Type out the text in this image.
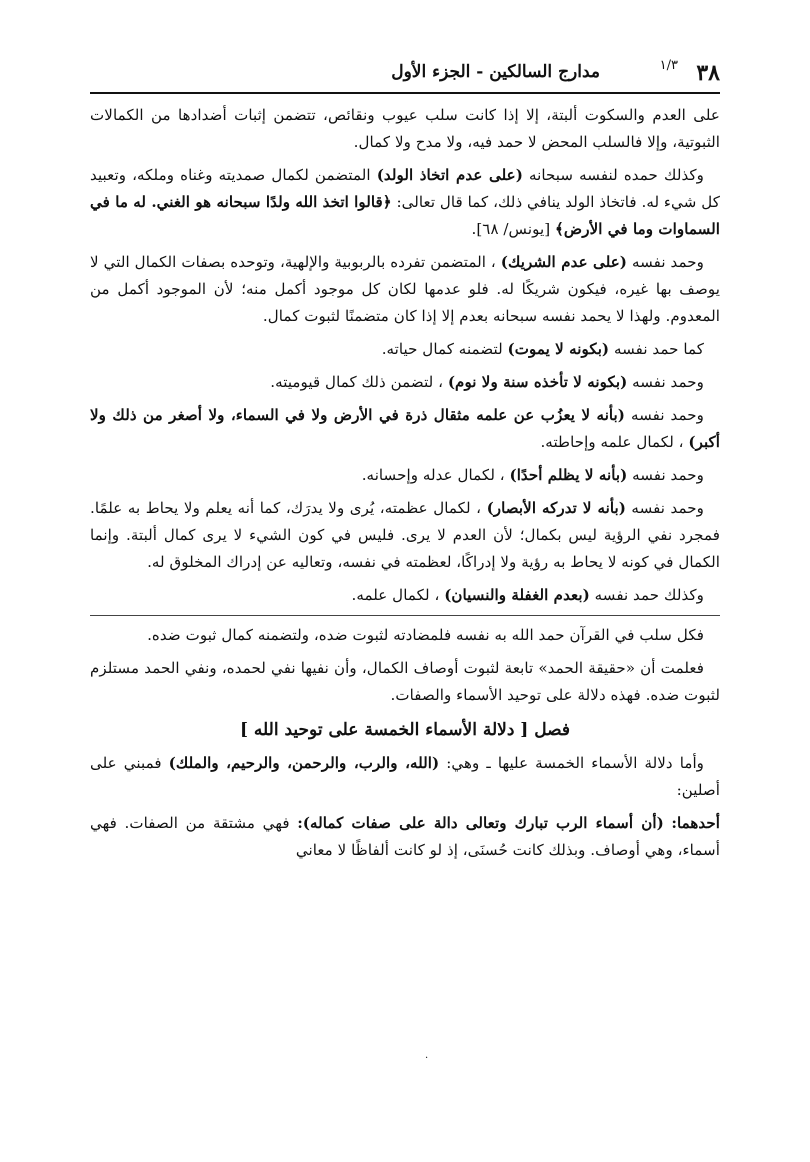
٣٨
١/٣
مدارج السالكين - الجزء الأول

على العدم والسكوت ألبتة، إلا إذا كانت سلب عيوب ونقائص، تتضمن إثبات أضدادها من الكمالات الثبوتية، وإلا فالسلب المحض لا حمد فيه، ولا مدح ولا كمال.

وكذلك حمده لنفسه سبحانه (على عدم اتخاذ الولد) المتضمن لكمال صمديته وغناه وملكه، وتعبيد كل شيء له. فاتخاذ الولد ينافي ذلك، كما قال تعالى: ﴿قالوا اتخذ الله ولدًا سبحانه هو الغني. له ما في السماوات وما في الأرض﴾ [يونس/ ٦٨].

وحمد نفسه (على عدم الشريك) ، المتضمن تفرده بالربوبية والإلهية، وتوحده بصفات الكمال التي لا يوصف بها غيره، فيكون شريكًا له. فلو عدمها لكان كل موجود أكمل منه؛ لأن الموجود أكمل من المعدوم. ولهذا لا يحمد نفسه سبحانه بعدم إلا إذا كان متضمنًا لثبوت كمال.

كما حمد نفسه (بكونه لا يموت) لتضمنه كمال حياته.

وحمد نفسه (بكونه لا تأخذه سنة ولا نوم) ، لتضمن ذلك كمال قيوميته.

وحمد نفسه (بأنه لا يعزُب عن علمه مثقال ذرة في الأرض ولا في السماء، ولا أصغر من ذلك ولا أكبر) ، لكمال علمه وإحاطته.

وحمد نفسه (بأنه لا يظلم أحدًا) ، لكمال عدله وإحسانه.

وحمد نفسه (بأنه لا تدركه الأبصار) ، لكمال عظمته، يُرى ولا يدرَك، كما أنه يعلم ولا يحاط به علمًا. فمجرد نفي الرؤية ليس بكمال؛ لأن العدم لا يرى. فليس في كون الشيء لا يرى كمال ألبتة. وإنما الكمال في كونه لا يحاط به رؤية ولا إدراكًا، لعظمته في نفسه، وتعاليه عن إدراك المخلوق له.

وكذلك حمد نفسه (بعدم الغفلة والنسيان) ، لكمال علمه.

فكل سلب في القرآن حمد الله به نفسه فلمضادته لثبوت ضده، ولتضمنه كمال ثبوت ضده.

فعلمت أن «حقيقة الحمد» تابعة لثبوت أوصاف الكمال، وأن نفيها نفي لحمده، ونفي الحمد مستلزم لثبوت ضده. فهذه دلالة على توحيد الأسماء والصفات.

فصل [ دلالة الأسماء الخمسة على توحيد الله ]

وأما دلالة الأسماء الخمسة عليها ـ وهي: (الله، والرب، والرحمن، والرحيم، والملك) فمبني على أصلين:

أحدهما: (أن أسماء الرب تبارك وتعالى دالة على صفات كماله): فهي مشتقة من الصفات. فهي أسماء، وهي أوصاف. وبذلك كانت حُسنَى، إذ لو كانت ألفاظًا لا معاني

.
